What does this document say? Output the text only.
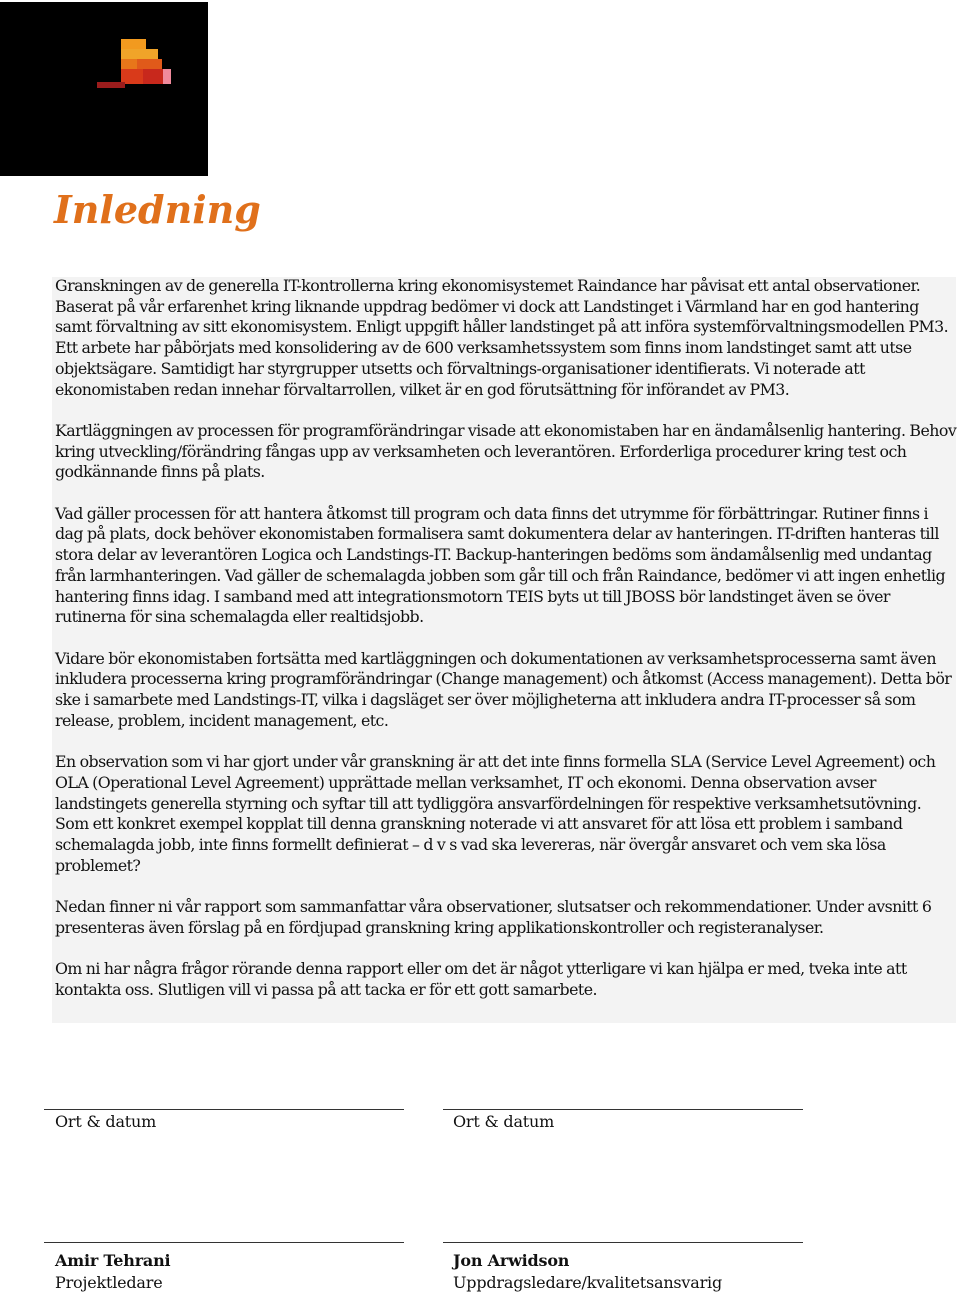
Inledning

Granskningen av de generella IT-kontrollerna kring ekonomisystemet Raindance har påvisat ett antal observationer. Baserat på vår erfarenhet kring liknande uppdrag bedömer vi dock att Landstinget i Värmland har en god hantering samt förvaltning av sitt ekonomisystem. Enligt uppgift håller landstinget på att införa systemförvaltningsmodellen PM3. Ett arbete har påbörjats med konsolidering av de 600 verksamhetssystem som finns inom landstinget samt att utse objektsägare. Samtidigt har styrgrupper utsetts och förvaltnings-organisationer identifierats. Vi noterade att ekonomistaben redan innehar förvaltarrollen, vilket är en god förutsättning för införandet av PM3.

Kartläggningen av processen för programförändringar visade att ekonomistaben har en ändamålsenlig hantering. Behov kring utveckling/förändring fångas upp av verksamheten och leverantören. Erforderliga procedurer kring test och godkännande finns på plats.

Vad gäller processen för att hantera åtkomst till program och data finns det utrymme för förbättringar. Rutiner finns i dag på plats, dock behöver ekonomistaben formalisera samt dokumentera delar av hanteringen. IT-driften hanteras till stora delar av leverantören Logica och Landstings-IT. Backup-hanteringen bedöms som ändamålsenlig med undantag från larmhanteringen. Vad gäller de schemalagda jobben som går till och från Raindance, bedömer vi att ingen enhetlig hantering finns idag. I samband med att integrationsmotorn TEIS byts ut till JBOSS bör landstinget även se över rutinerna för sina schemalagda eller realtidsjobb.

Vidare bör ekonomistaben fortsätta med kartläggningen och dokumentationen av verksamhetsprocesserna samt även inkludera processerna kring programförändringar (Change management) och åtkomst (Access management). Detta bör ske i samarbete med Landstings-IT, vilka i dagsläget ser över möjligheterna att inkludera andra IT-processer så som release, problem, incident management, etc.

En observation som vi har gjort under vår granskning är att det inte finns formella SLA (Service Level Agreement) och OLA (Operational Level Agreement) upprättade mellan verksamhet, IT och ekonomi. Denna observation avser landstingets generella styrning och syftar till att tydliggöra ansvarfördelningen för respektive verksamhetsutövning. Som ett konkret exempel kopplat till denna granskning noterade vi att ansvaret för att lösa ett problem i samband schemalagda jobb, inte finns formellt definierat – d v s vad ska levereras, när övergår ansvaret och vem ska lösa problemet?

Nedan finner ni vår rapport som sammanfattar våra observationer, slutsatser och rekommendationer. Under avsnitt 6 presenteras även förslag på en fördjupad granskning kring applikationskontroller och registeranalyser.

Om ni har några frågor rörande denna rapport eller om det är något ytterligare vi kan hjälpa er med, tveka inte att kontakta oss. Slutligen vill vi passa på att tacka er för ett gott samarbete.

Ort & datum	Ort & datum

Amir Tehrani

Projektledare

Jon Arwidson

Uppdragsledare/kvalitetsansvarig
